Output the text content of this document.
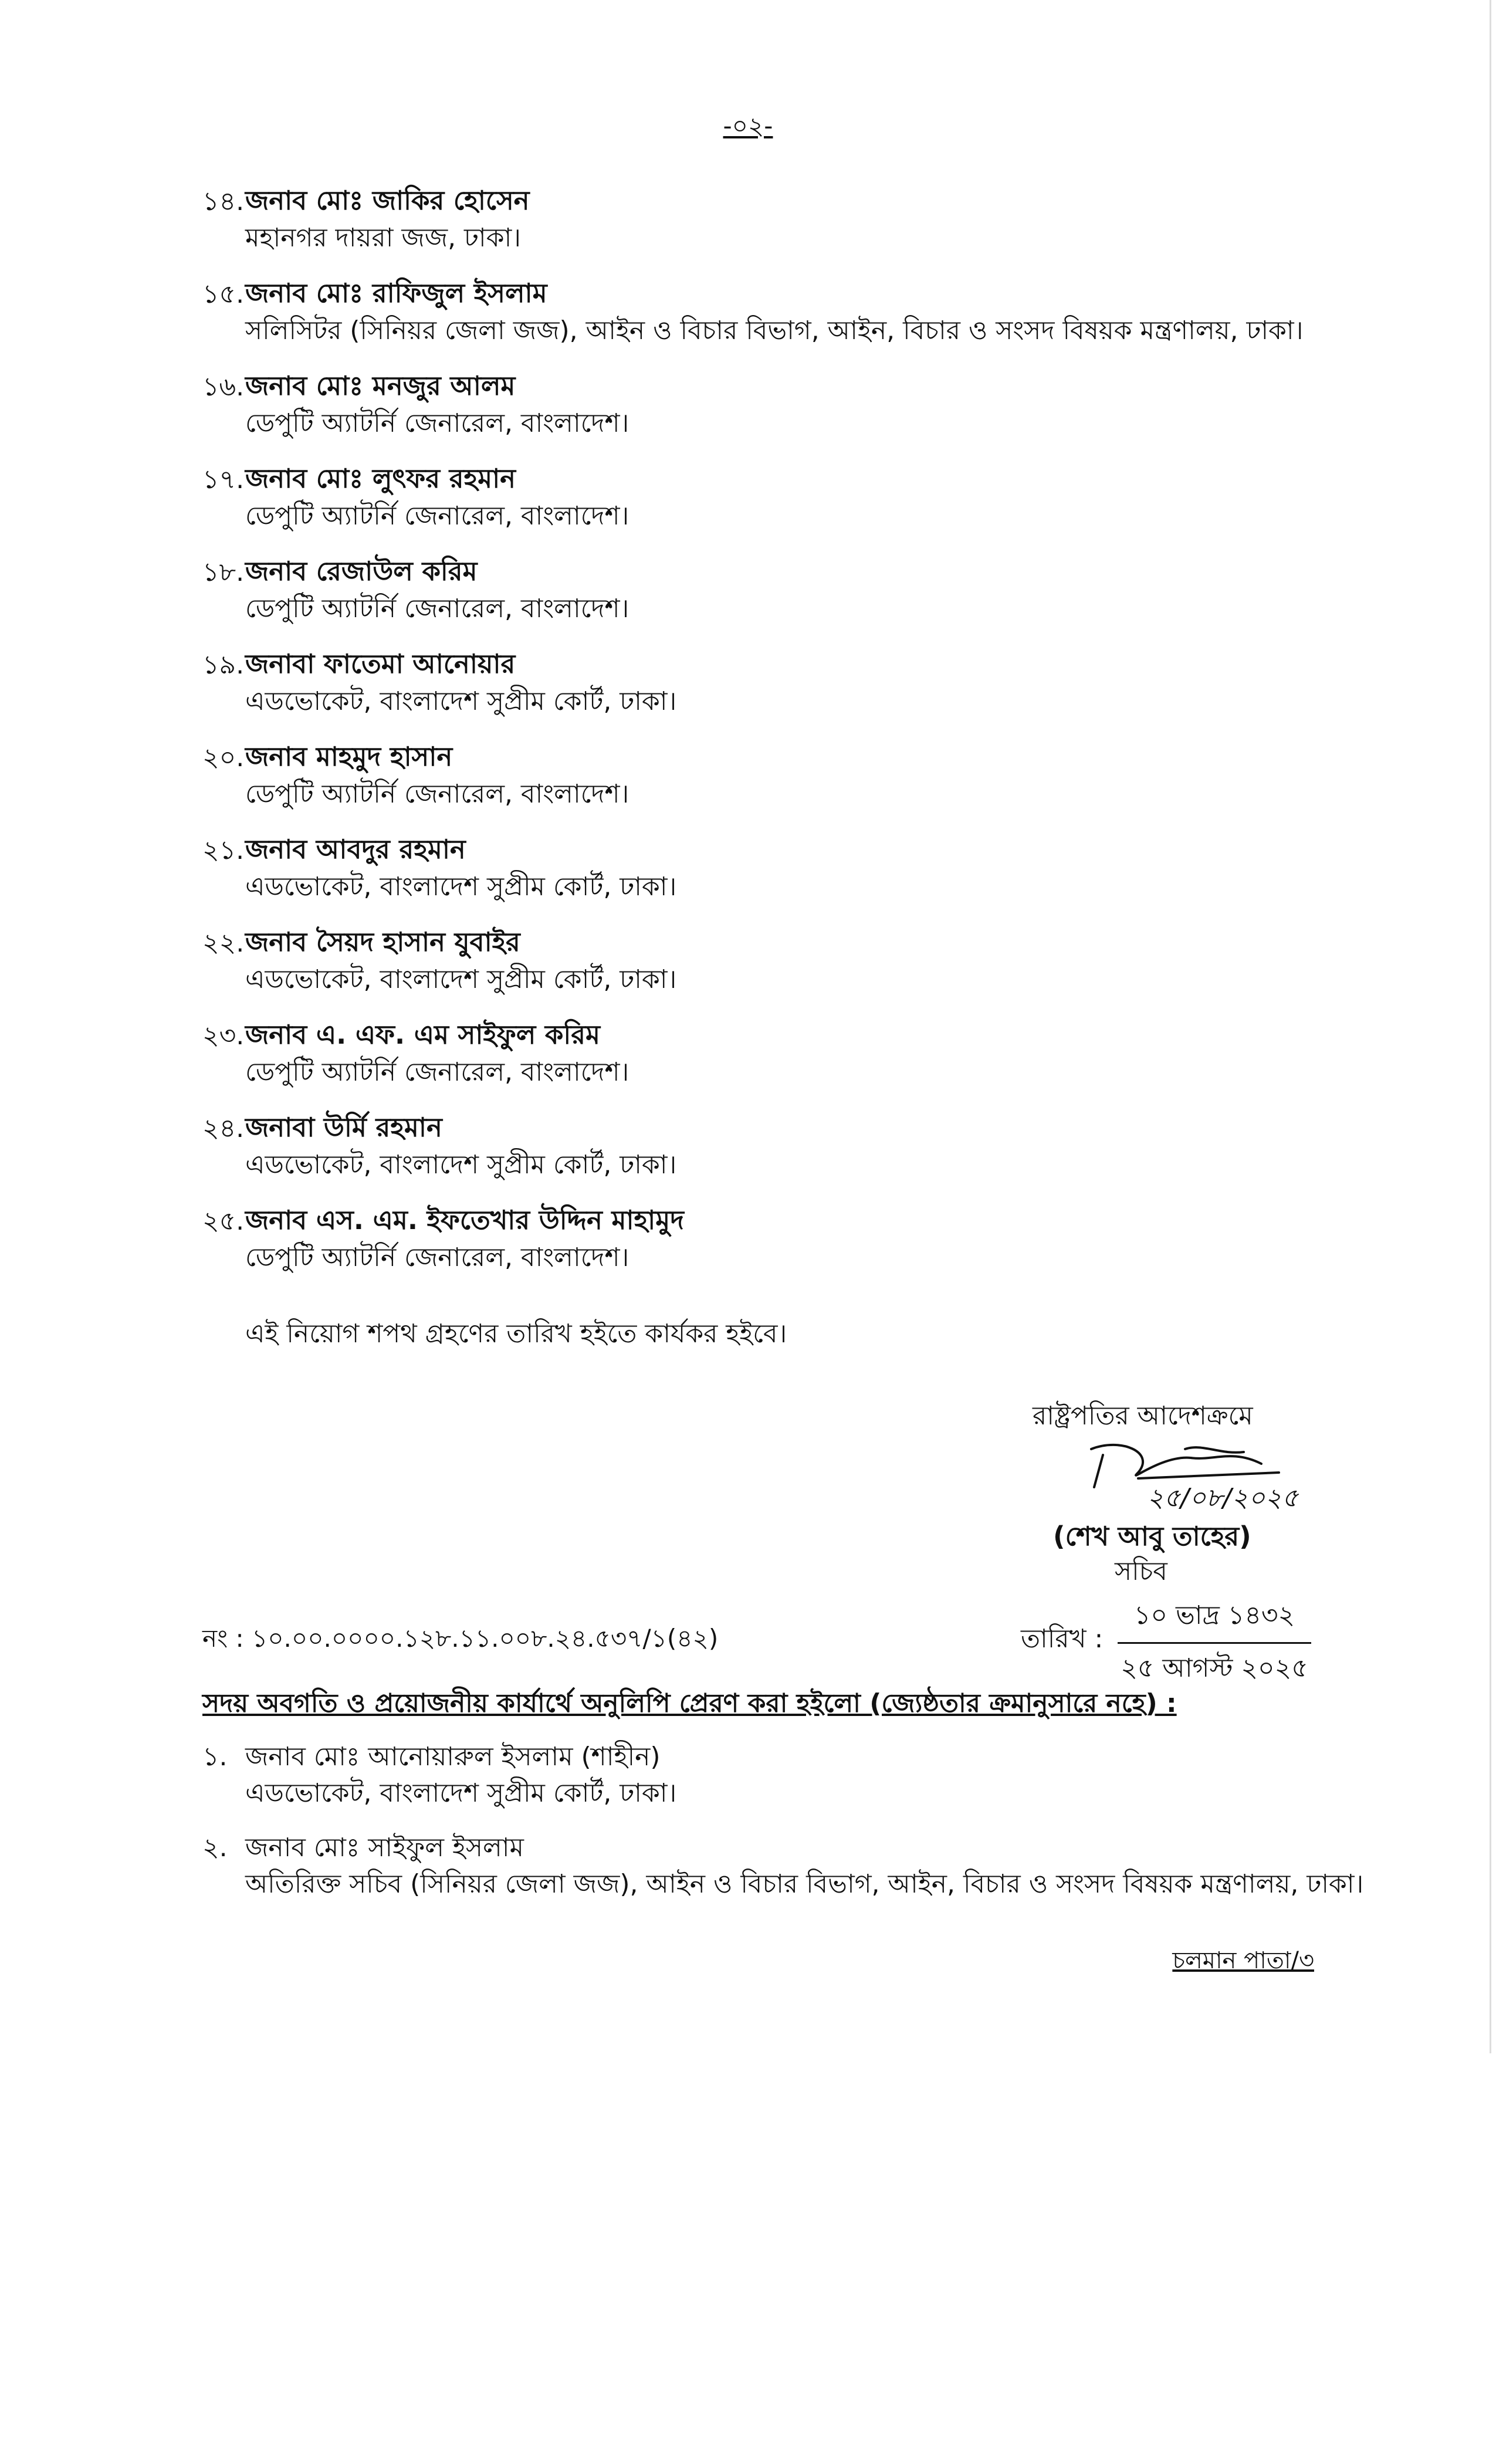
-০২-
১৪. জনাব মোঃ জাকির হোসেন
মহানগর দায়রা জজ, ঢাকা।
১৫. জনাব মোঃ রাফিজুল ইসলাম
সলিসিটর (সিনিয়র জেলা জজ), আইন ও বিচার বিভাগ, আইন, বিচার ও সংসদ বিষয়ক মন্ত্রণালয়, ঢাকা।
১৬. জনাব মোঃ মনজুর আলম
ডেপুটি অ্যাটর্নি জেনারেল, বাংলাদেশ।
১৭. জনাব মোঃ লুৎফর রহমান
ডেপুটি অ্যাটর্নি জেনারেল, বাংলাদেশ।
১৮. জনাব রেজাউল করিম
ডেপুটি অ্যাটর্নি জেনারেল, বাংলাদেশ।
১৯. জনাবা ফাতেমা আনোয়ার
এডভোকেট, বাংলাদেশ সুপ্রীম কোর্ট, ঢাকা।
২০. জনাব মাহমুদ হাসান
ডেপুটি অ্যাটর্নি জেনারেল, বাংলাদেশ।
২১. জনাব আবদুর রহমান
এডভোকেট, বাংলাদেশ সুপ্রীম কোর্ট, ঢাকা।
২২. জনাব সৈয়দ হাসান যুবাইর
এডভোকেট, বাংলাদেশ সুপ্রীম কোর্ট, ঢাকা।
২৩. জনাব এ. এফ. এম সাইফুল করিম
ডেপুটি অ্যাটর্নি জেনারেল, বাংলাদেশ।
২৪. জনাবা উর্মি রহমান
এডভোকেট, বাংলাদেশ সুপ্রীম কোর্ট, ঢাকা।
২৫. জনাব এস. এম. ইফতেখার উদ্দিন মাহামুদ
ডেপুটি অ্যাটর্নি জেনারেল, বাংলাদেশ।
এই নিয়োগ শপথ গ্রহণের তারিখ হইতে কার্যকর হইবে।
রাষ্ট্রপতির আদেশক্রমে
২৫/০৮/২০২৫
(শেখ আবু তাহের)
সচিব
নং : ১০.০০.০০০০.১২৮.১১.০০৮.২৪.৫৩৭/১(৪২)	তারিখ :
১০ ভাদ্র ১৪৩২
২৫ আগস্ট ২০২৫
সদয় অবগতি ও প্রয়োজনীয় কার্যার্থে অনুলিপি প্রেরণ করা হইলো (জ্যেষ্ঠতার ক্রমানুসারে নহে) :
১. জনাব মোঃ আনোয়ারুল ইসলাম (শাহীন)
এডভোকেট, বাংলাদেশ সুপ্রীম কোর্ট, ঢাকা।
২. জনাব মোঃ সাইফুল ইসলাম
অতিরিক্ত সচিব (সিনিয়র জেলা জজ), আইন ও বিচার বিভাগ, আইন, বিচার ও সংসদ বিষয়ক মন্ত্রণালয়, ঢাকা।
চলমান পাতা/৩
